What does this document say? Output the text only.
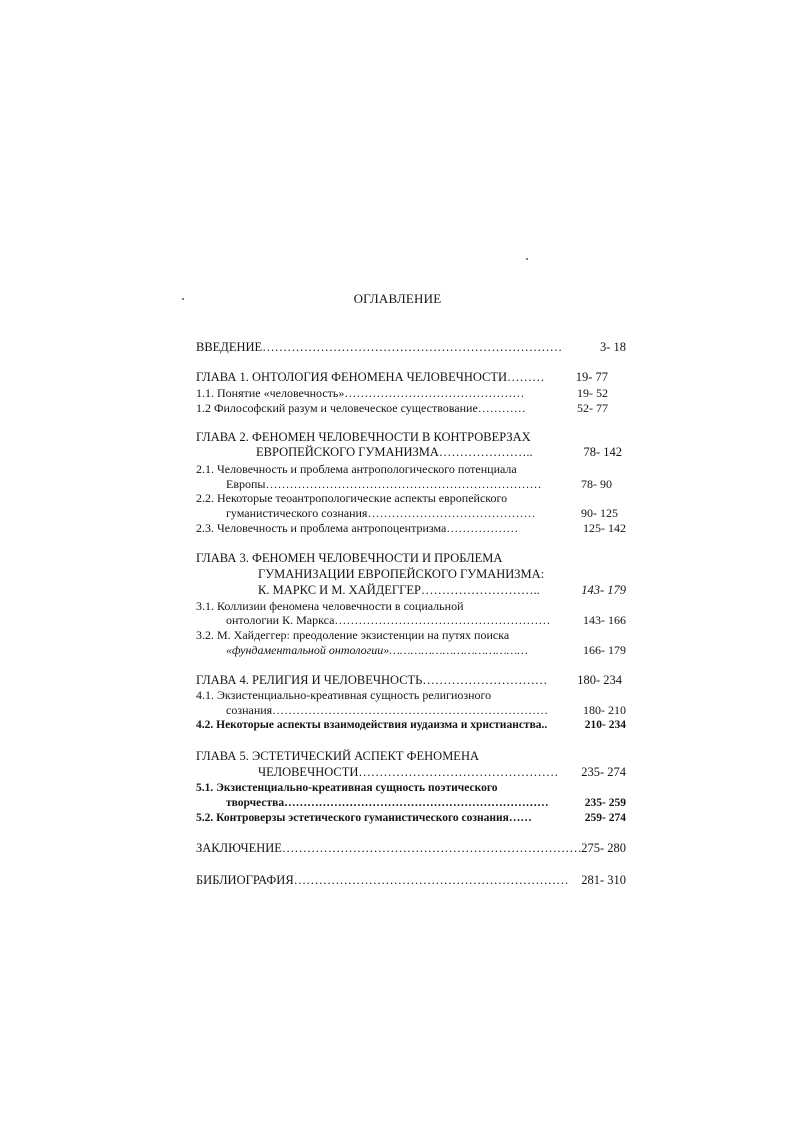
ОГЛАВЛЕНИЕ
ВВЕДЕНИЕ………………………………………………………………	3- 18
ГЛАВА 1. ОНТОЛОГИЯ ФЕНОМЕНА ЧЕЛОВЕЧНОСТИ……… 19- 77
1.1. Понятие «человечность»………………………………………	19- 52
1.2 Философский разум и человеческое существование…………	52- 77
ГЛАВА 2. ФЕНОМЕН ЧЕЛОВЕЧНОСТИ В КОНТРОВЕРЗАХ
ЕВРОПЕЙСКОГО ГУМАНИЗМА…………………..	78- 142
2.1. Человечность и проблема антропологического потенциала
Европы……………………………………………………………	78- 90
2.2. Некоторые теоантропологические аспекты европейского
гуманистического сознания……………………………………	90- 125
2.3. Человечность и проблема антропоцентризма………………	125- 142
ГЛАВА 3. ФЕНОМЕН ЧЕЛОВЕЧНОСТИ И ПРОБЛЕМА
ГУМАНИЗАЦИИ ЕВРОПЕЙСКОГО ГУМАНИЗМА:
К. МАРКС И М. ХАЙДЕГГЕР………………………..	143- 179
3.1. Коллизии феномена человечности в социальной
онтологии К. Маркса………………………………………………	143- 166
3.2. М. Хайдеггер: преодоление экзистенции на путях поиска
«фундаментальной онтологии»…………………………………	166- 179
ГЛАВА 4. РЕЛИГИЯ И ЧЕЛОВЕЧНОСТЬ………………………… 180- 234
4.1. Экзистенциально-креативная сущность религиозного
сознания……………………………………………………………	180- 210
4.2. Некоторые аспекты взаимодействия иудаизма и христианства..	210- 234
ГЛАВА 5. ЭСТЕТИЧЕСКИЙ АСПЕКТ ФЕНОМЕНА
ЧЕЛОВЕЧНОСТИ………………………………………… 235- 274
5.1. Экзистенциально-креативная сущность поэтического
творчества……………………………………………………………	235- 259
5.2. Контроверзы эстетического гуманистического сознания……	259- 274
ЗАКЛЮЧЕНИЕ……………………………………………………………… 275- 280
БИБЛИОГРАФИЯ………………………………………………………… 281- 310
